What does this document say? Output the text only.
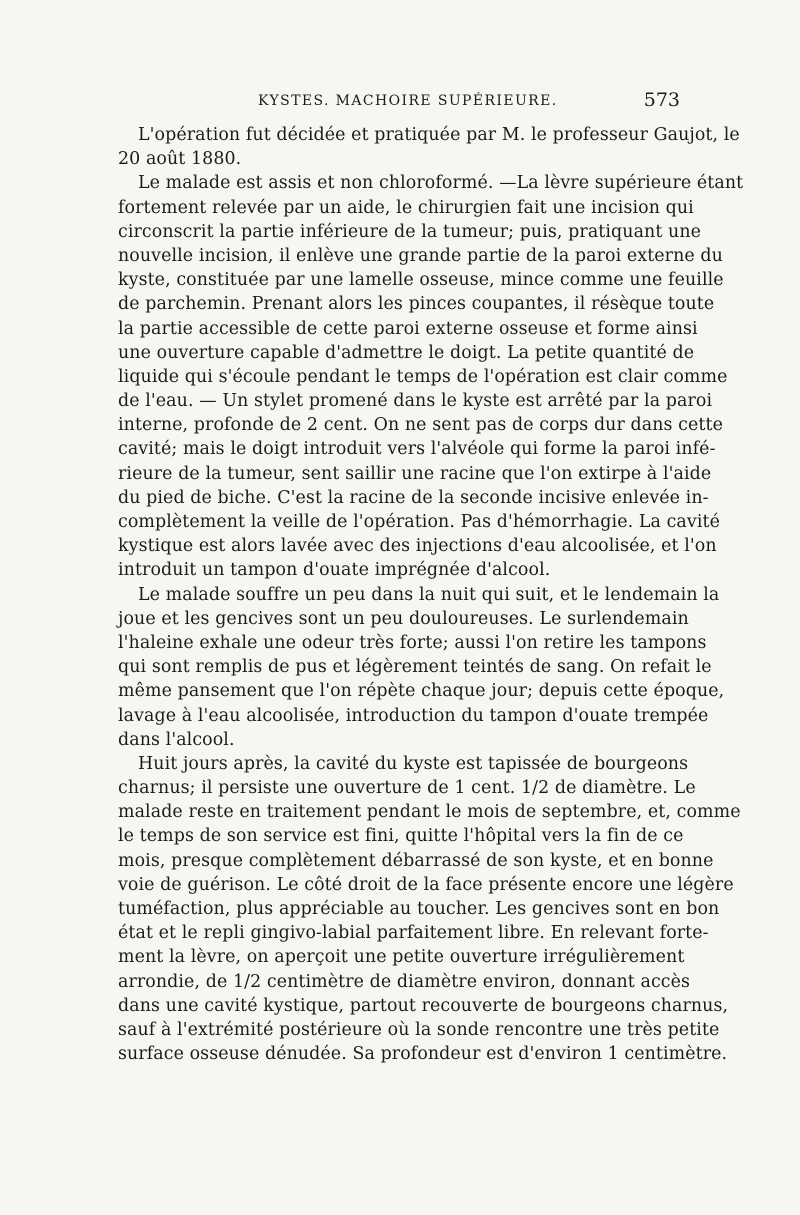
KYSTES. MACHOIRE SUPÉRIEURE.	573
L'opération fut décidée et pratiquée par M. le professeur Gaujot, le
20 août 1880.
Le malade est assis et non chloroformé. —La lèvre supérieure étant
fortement relevée par un aide, le chirurgien fait une incision qui
circonscrit la partie inférieure de la tumeur; puis, pratiquant une
nouvelle incision, il enlève une grande partie de la paroi externe du
kyste, constituée par une lamelle osseuse, mince comme une feuille
de parchemin. Prenant alors les pinces coupantes, il résèque toute
la partie accessible de cette paroi externe osseuse et forme ainsi
une ouverture capable d'admettre le doigt. La petite quantité de
liquide qui s'écoule pendant le temps de l'opération est clair comme
de l'eau. — Un stylet promené dans le kyste est arrêté par la paroi
interne, profonde de 2 cent. On ne sent pas de corps dur dans cette
cavité; mais le doigt introduit vers l'alvéole qui forme la paroi infé-
rieure de la tumeur, sent saillir une racine que l'on extirpe à l'aide
du pied de biche. C'est la racine de la seconde incisive enlevée in-
complètement la veille de l'opération. Pas d'hémorrhagie. La cavité
kystique est alors lavée avec des injections d'eau alcoolisée, et l'on
introduit un tampon d'ouate imprégnée d'alcool.
Le malade souffre un peu dans la nuit qui suit, et le lendemain la
joue et les gencives sont un peu douloureuses. Le surlendemain
l'haleine exhale une odeur très forte; aussi l'on retire les tampons
qui sont remplis de pus et légèrement teintés de sang. On refait le
même pansement que l'on répète chaque jour; depuis cette époque,
lavage à l'eau alcoolisée, introduction du tampon d'ouate trempée
dans l'alcool.
Huit jours après, la cavité du kyste est tapissée de bourgeons
charnus; il persiste une ouverture de 1 cent. 1/2 de diamètre. Le
malade reste en traitement pendant le mois de septembre, et, comme
le temps de son service est fini, quitte l'hôpital vers la fin de ce
mois, presque complètement débarrassé de son kyste, et en bonne
voie de guérison. Le côté droit de la face présente encore une légère
tuméfaction, plus appréciable au toucher. Les gencives sont en bon
état et le repli gingivo-labial parfaitement libre. En relevant forte-
ment la lèvre, on aperçoit une petite ouverture irrégulièrement
arrondie, de 1/2 centimètre de diamètre environ, donnant accès
dans une cavité kystique, partout recouverte de bourgeons charnus,
sauf à l'extrémité postérieure où la sonde rencontre une très petite
surface osseuse dénudée. Sa profondeur est d'environ 1 centimètre.
